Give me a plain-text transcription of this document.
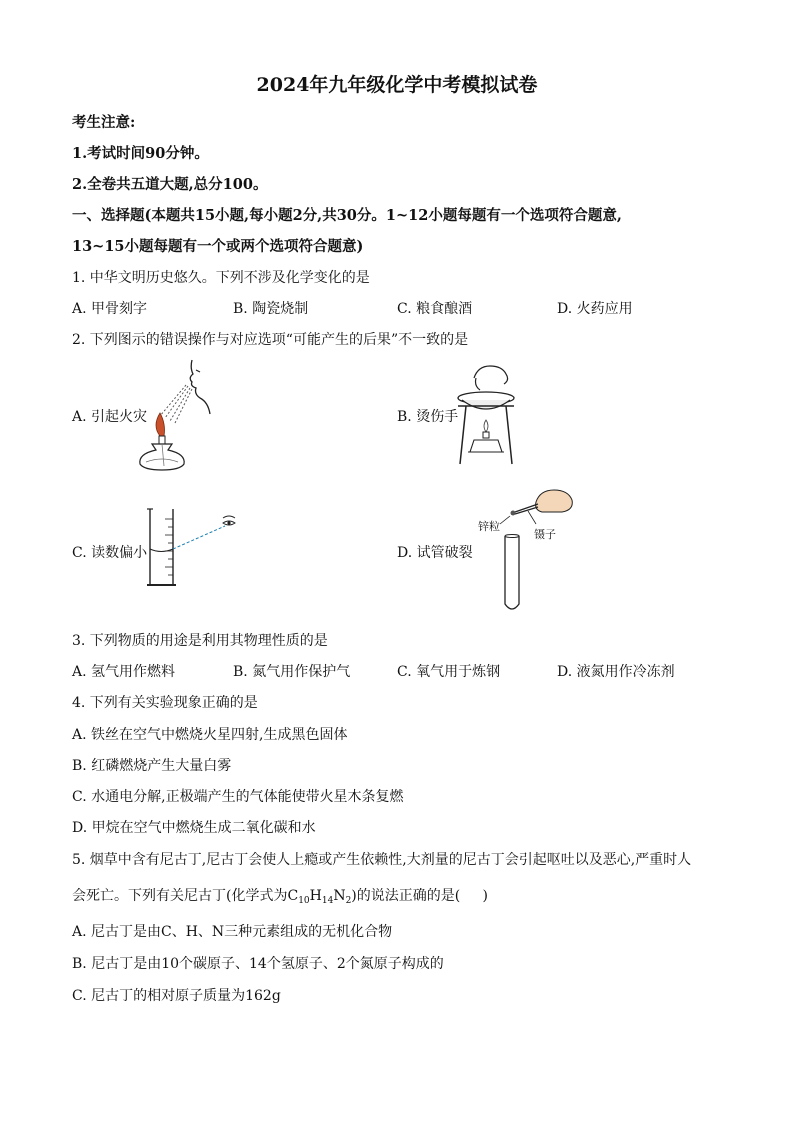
2024年九年级化学中考模拟试卷
考生注意:
1.考试时间90分钟。
2.全卷共五道大题,总分100。
一、选择题(本题共15小题,每小题2分,共30分。1~12小题每题有一个选项符合题意,
13~15小题每题有一个或两个选项符合题意)
1. 中华文明历史悠久。下列不涉及化学变化的是
A. 甲骨刻字	B. 陶瓷烧制	C. 粮食酿酒	D. 火药应用
2. 下列图示的错误操作与对应选项“可能产生的后果”不一致的是
A. 引起火灾	B. 烫伤手
C. 读数偏小	D. 试管破裂
锌粒
镊子
3. 下列物质的用途是利用其物理性质的是
A. 氢气用作燃料	B. 氮气用作保护气	C. 氧气用于炼钢	D. 液氮用作冷冻剂
4. 下列有关实验现象正确的是
A. 铁丝在空气中燃烧火星四射,生成黑色固体
B. 红磷燃烧产生大量白雾
C. 水通电分解,正极端产生的气体能使带火星木条复燃
D. 甲烷在空气中燃烧生成二氧化碳和水
5. 烟草中含有尼古丁,尼古丁会使人上瘾或产生依赖性,大剂量的尼古丁会引起呕吐以及恶心,严重时人
会死亡。下列有关尼古丁(化学式为$C_{10}H_{14}N_2$)的说法正确的是(     )
A. 尼古丁是由C、H、N三种元素组成的无机化合物
B. 尼古丁是由10个碳原子、14个氢原子、2个氮原子构成的
C. 尼古丁的相对原子质量为162g
